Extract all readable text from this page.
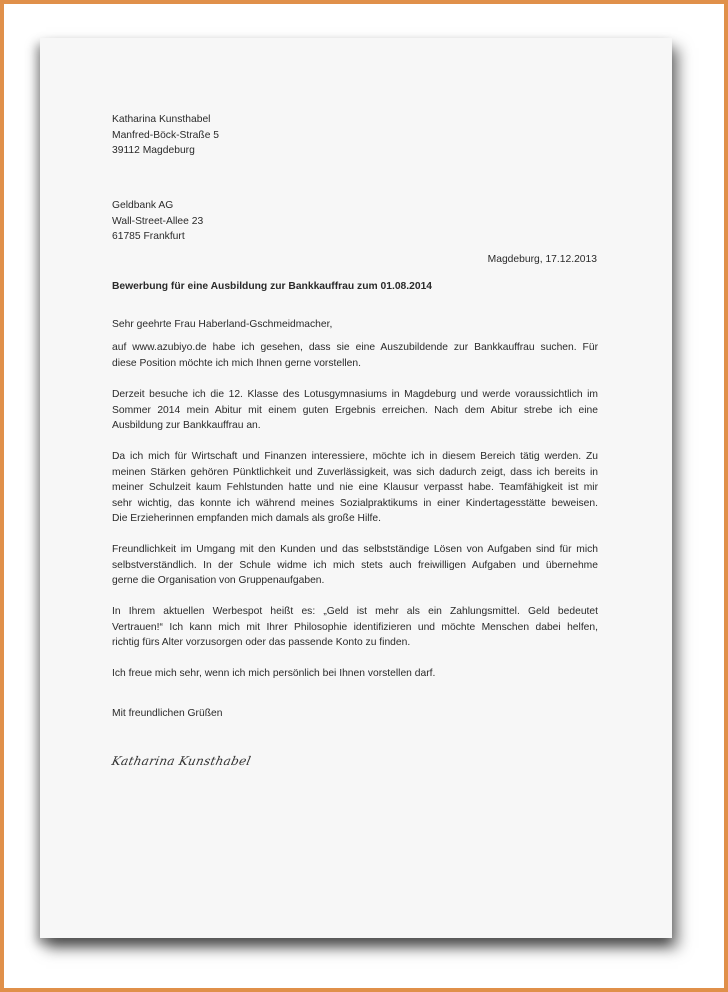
Katharina Kunsthabel
Manfred-Böck-Straße 5
39112 Magdeburg
Geldbank AG
Wall-Street-Allee 23
61785 Frankfurt
Magdeburg, 17.12.2013
Bewerbung für eine Ausbildung zur Bankkauffrau zum 01.08.2014
Sehr geehrte Frau Haberland-Gschmeidmacher,
auf www.azubiyo.de habe ich gesehen, dass sie eine Auszubildende zur Bankkauffrau suchen. Für
diese Position möchte ich mich Ihnen gerne vorstellen.
Derzeit besuche ich die 12. Klasse des Lotusgymnasiums in Magdeburg und werde voraussichtlich im
Sommer 2014 mein Abitur mit einem guten Ergebnis erreichen. Nach dem Abitur strebe ich eine
Ausbildung zur Bankkauffrau an.
Da ich mich für Wirtschaft und Finanzen interessiere, möchte ich in diesem Bereich tätig werden. Zu
meinen Stärken gehören Pünktlichkeit und Zuverlässigkeit, was sich dadurch zeigt, dass ich bereits in
meiner Schulzeit kaum Fehlstunden hatte und nie eine Klausur verpasst habe. Teamfähigkeit ist mir
sehr wichtig, das konnte ich während meines Sozialpraktikums in einer Kindertagesstätte beweisen.
Die Erzieherinnen empfanden mich damals als große Hilfe.
Freundlichkeit im Umgang mit den Kunden und das selbstständige Lösen von Aufgaben sind für mich
selbstverständlich. In der Schule widme ich mich stets auch freiwilligen Aufgaben und übernehme
gerne die Organisation von Gruppenaufgaben.
In Ihrem aktuellen Werbespot heißt es: „Geld ist mehr als ein Zahlungsmittel. Geld bedeutet
Vertrauen!“ Ich kann mich mit Ihrer Philosophie identifizieren und möchte Menschen dabei helfen,
richtig fürs Alter vorzusorgen oder das passende Konto zu finden.
Ich freue mich sehr, wenn ich mich persönlich bei Ihnen vorstellen darf.
Mit freundlichen Grüßen
Katharina Kunsthabel
